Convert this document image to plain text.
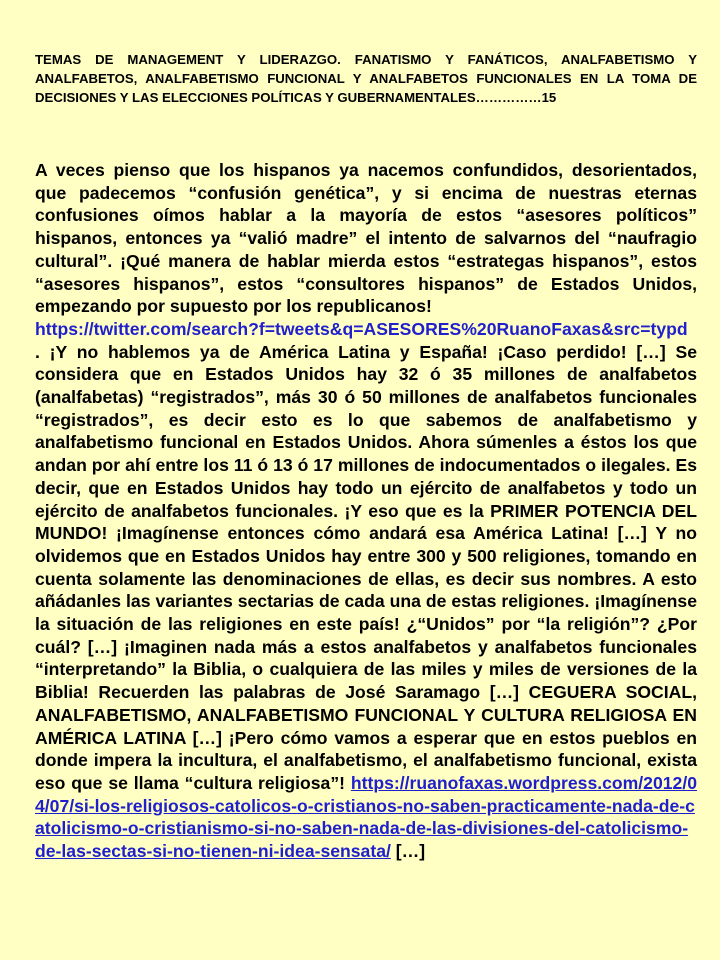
TEMAS DE MANAGEMENT Y LIDERAZGO. FANATISMO Y FANÁTICOS, ANALFABETISMO Y ANALFABETOS, ANALFABETISMO FUNCIONAL Y ANALFABETOS FUNCIONALES EN LA TOMA DE DECISIONES Y LAS ELECCIONES POLÍTICAS Y GUBERNAMENTALES……………15

A veces pienso que los hispanos ya nacemos confundidos, desorientados, que padecemos “confusión genética”, y si encima de nuestras eternas confusiones oímos hablar a la mayoría de estos “asesores políticos” hispanos, entonces ya “valió madre” el intento de salvarnos del “naufragio cultural”. ¡Qué manera de hablar mierda estos “estrategas hispanos”, estos “asesores hispanos”, estos “consultores hispanos” de Estados Unidos, empezando por supuesto por los republicanos!
https://twitter.com/search?f=tweets&q=ASESORES%20RuanoFaxas&src=typd . ¡Y no hablemos ya de América Latina y España! ¡Caso perdido! […] Se considera que en Estados Unidos hay 32 ó 35 millones de analfabetos (analfabetas) “registrados”, más 30 ó 50 millones de analfabetos funcionales “registrados”, es decir esto es lo que sabemos de analfabetismo y analfabetismo funcional en Estados Unidos. Ahora súmenles a éstos los que andan por ahí entre los 11 ó 13 ó 17 millones de indocumentados o ilegales. Es decir, que en Estados Unidos hay todo un ejército de analfabetos y todo un ejército de analfabetos funcionales. ¡Y eso que es la PRIMER POTENCIA DEL MUNDO! ¡Imagínense entonces cómo andará esa América Latina! […] Y no olvidemos que en Estados Unidos hay entre 300 y 500 religiones, tomando en cuenta solamente las denominaciones de ellas, es decir sus nombres. A esto añádanles las variantes sectarias de cada una de estas religiones. ¡Imagínense la situación de las religiones en este país! ¿“Unidos” por “la religión”? ¿Por cuál? […] ¡Imaginen nada más a estos analfabetos y analfabetos funcionales “interpretando” la Biblia, o cualquiera de las miles y miles de versiones de la Biblia! Recuerden las palabras de José Saramago […] CEGUERA SOCIAL, ANALFABETISMO, ANALFABETISMO FUNCIONAL Y CULTURA RELIGIOSA EN AMÉRICA LATINA […] ¡Pero cómo vamos a esperar que en estos pueblos en donde impera la incultura, el analfabetismo, el analfabetismo funcional, exista eso que se llama “cultura religiosa”! https://ruanofaxas.wordpress.com/2012/04/07/si-los-religiosos-catolicos-o-cristianos-no-saben-practicamente-nada-de-catolicismo-o-cristianismo-si-no-saben-nada-de-las-divisiones-del-catolicismo-de-las-sectas-si-no-tienen-ni-idea-sensata/ […]
